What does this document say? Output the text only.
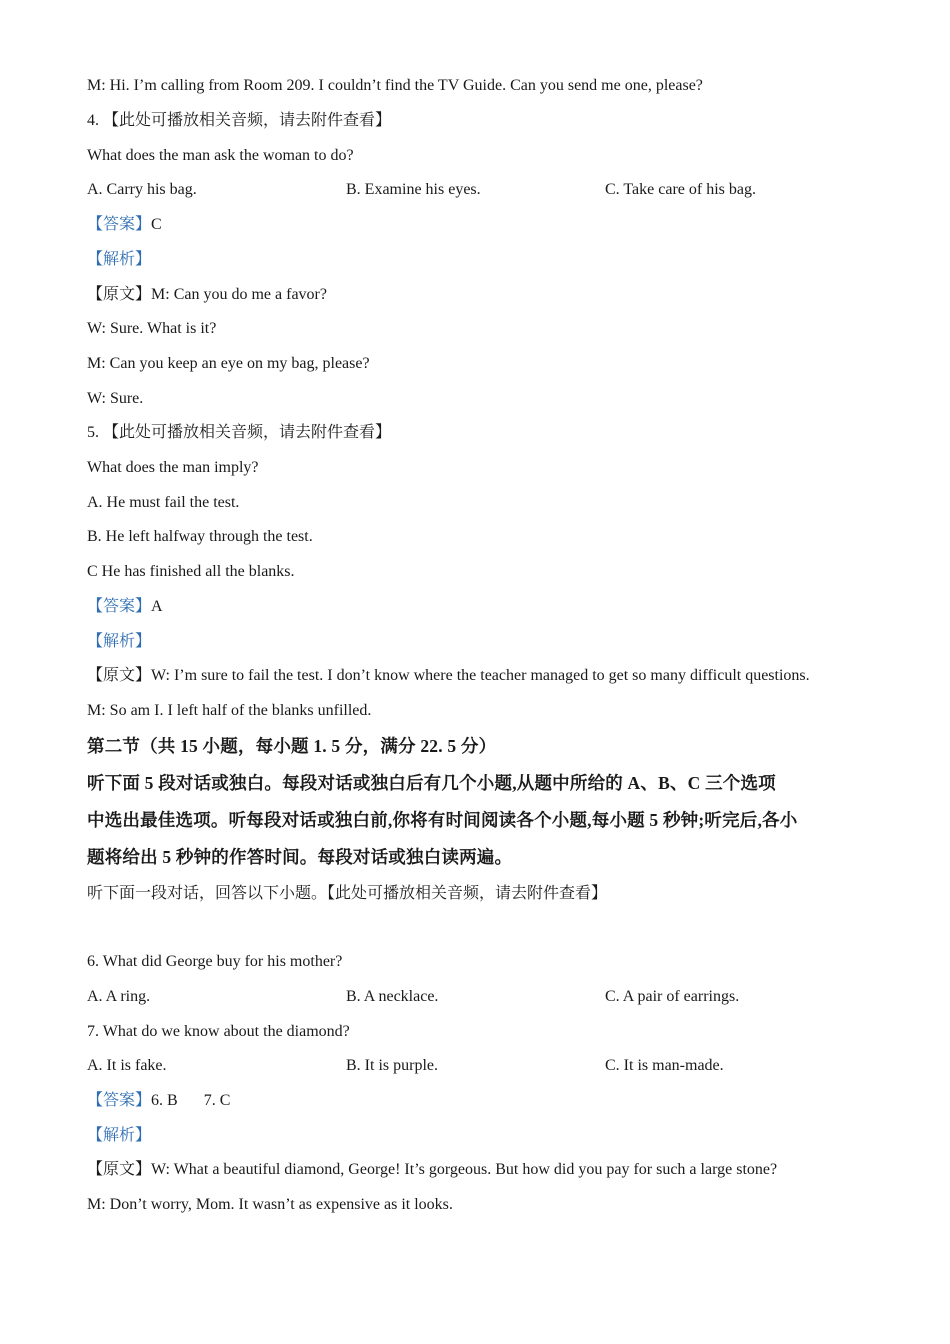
M: Hi. I’m calling from Room 209. I couldn’t find the TV Guide. Can you send me one, please?
4. 【此处可播放相关音频，请去附件查看】
What does the man ask the woman to do?
A. Carry his bag.	B. Examine his eyes.	C. Take care of his bag.
【答案】C
【解析】
【原文】M: Can you do me a favor?
W: Sure. What is it?
M: Can you keep an eye on my bag, please?
W: Sure.
5. 【此处可播放相关音频，请去附件查看】
What does the man imply?
A. He must fail the test.
B. He left halfway through the test.
C He has finished all the blanks.
【答案】A
【解析】
【原文】W: I’m sure to fail the test. I don’t know where the teacher managed to get so many difficult questions.
M: So am I. I left half of the blanks unfilled.
第二节（共 15 小题，每小题 1. 5 分，满分 22. 5 分）
听下面 5 段对话或独白。每段对话或独白后有几个小题,从题中所给的 A、B、C 三个选项
中选出最佳选项。听每段对话或独白前,你将有时间阅读各个小题,每小题 5 秒钟;听完后,各小
题将给出 5 秒钟的作答时间。每段对话或独白读两遍。
听下面一段对话，回答以下小题。【此处可播放相关音频，请去附件查看】
6. What did George buy for his mother?
A. A ring.	B. A necklace.	C. A pair of earrings.
7. What do we know about the diamond?
A. It is fake.	B. It is purple.	C. It is man-made.
【答案】6. B 7. C
【解析】
【原文】W: What a beautiful diamond, George! It’s gorgeous. But how did you pay for such a large stone?
M: Don’t worry, Mom. It wasn’t as expensive as it looks.
